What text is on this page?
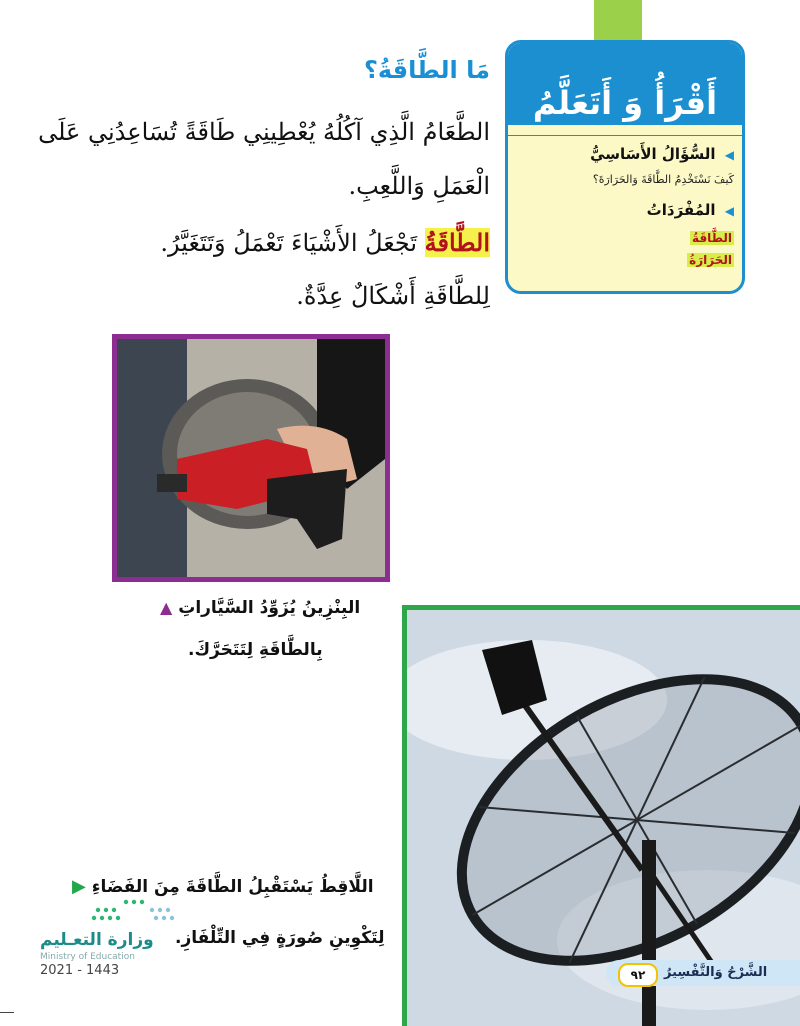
أَقْرَأُ وَ أَتَعَلَّمُ
◀ السُّؤَالُ الأَسَاسِيُّ
كَيفَ نَسْتَخْدِمُ الطَّاقَةَ وَالحَرَارَةَ؟
◀ المُفْرَدَاتُ
الطَّاقَةُ
الحَرَارَةُ
مَا الطَّاقَةُ؟
الطَّعَامُ الَّذِي آكُلُهُ يُعْطِينِي طَاقَةً تُسَاعِدُنِي عَلَى
الْعَمَلِ وَاللَّعِبِ.
الطَّاقَةُ تَجْعَلُ الأَشْيَاءَ تَعْمَلُ وَتَتَغَيَّرُ.
لِلطَّاقَةِ أَشْكَالٌ عِدَّةٌ.
البِنْزِينُ يُزَوِّدُ السَّيَّاراتِ ▲
بِالطَّاقَةِ لِتَتَحَرَّكَ.
اللَّاقِطُ يَسْتَقْبِلُ الطَّاقَةَ مِنَ الفَضَاءِ ▶
لِتَكْوِينِ صُورَةٍ فِي التِّلْفَازِ.
٩٢	الشَّرْحُ وَالتَّفْسِيرُ
وزارة التعـليم
Ministry of Education
2021 - 1443
